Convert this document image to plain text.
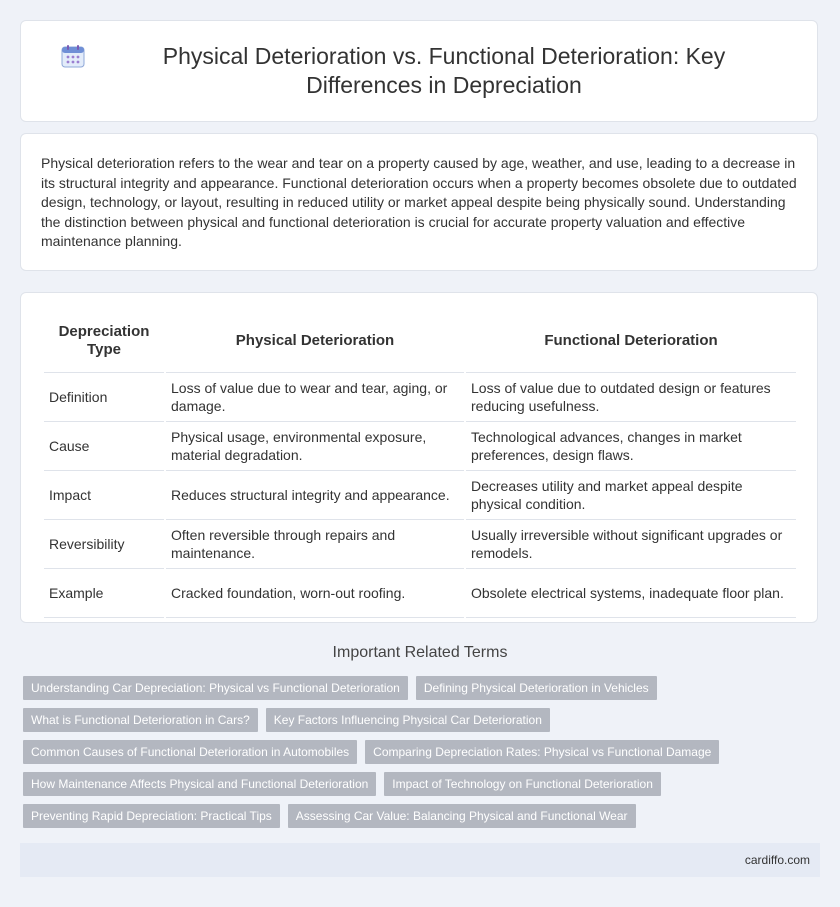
Physical Deterioration vs. Functional Deterioration: Key Differences in Depreciation

Physical deterioration refers to the wear and tear on a property caused by age, weather, and use, leading to a decrease in its structural integrity and appearance. Functional deterioration occurs when a property becomes obsolete due to outdated design, technology, or layout, resulting in reduced utility or market appeal despite being physically sound. Understanding the distinction between physical and functional deterioration is crucial for accurate property valuation and effective maintenance planning.

Depreciation Type	Physical Deterioration	Functional Deterioration
Definition	Loss of value due to wear and tear, aging, or damage.	Loss of value due to outdated design or features reducing usefulness.
Cause	Physical usage, environmental exposure, material degradation.	Technological advances, changes in market preferences, design flaws.
Impact	Reduces structural integrity and appearance.	Decreases utility and market appeal despite physical condition.
Reversibility	Often reversible through repairs and maintenance.	Usually irreversible without significant upgrades or remodels.
Example	Cracked foundation, worn-out roofing.	Obsolete electrical systems, inadequate floor plan.
Important Related Terms
Understanding Car Depreciation: Physical vs Functional Deterioration	Defining Physical Deterioration in Vehicles
What is Functional Deterioration in Cars?	Key Factors Influencing Physical Car Deterioration
Common Causes of Functional Deterioration in Automobiles	Comparing Depreciation Rates: Physical vs Functional Damage
How Maintenance Affects Physical and Functional Deterioration	Impact of Technology on Functional Deterioration
Preventing Rapid Depreciation: Practical Tips	Assessing Car Value: Balancing Physical and Functional Wear
cardiffo.com
